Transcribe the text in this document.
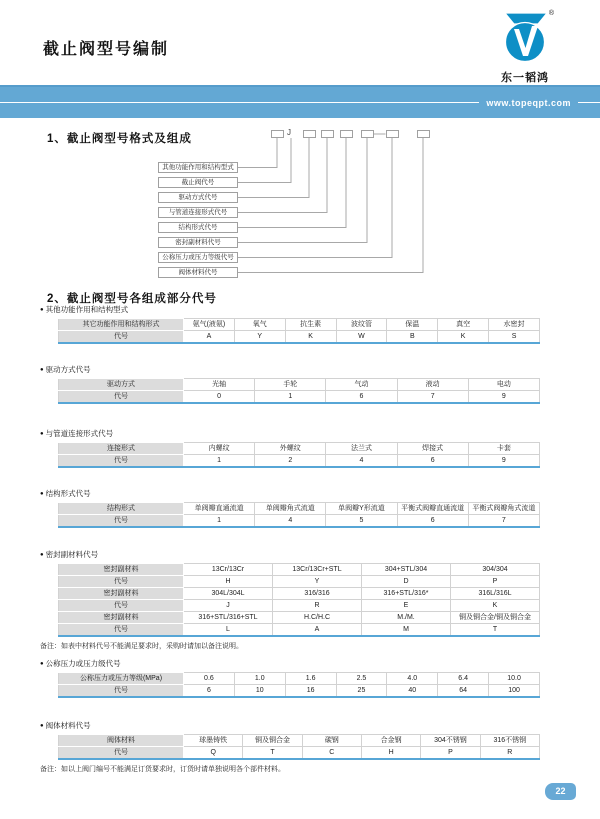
截止阀型号编制
®
东一韬鸿
www.topeqpt.com
1、截止阀型号格式及组成
J
其他功能作用和结构型式
截止阀代号
驱动方式代号
与管道连接形式代号
结构形式代号
密封副材料代号
公称压力或压力等级代号
阀体材料代号
2、截止阀型号各组成部分代号
● 其他功能作用和结构型式
其它功能作用和结构形式	氨气(液氨)	氧气	抗生素	波纹管	保温	真空	水密封
代号	A	Y	K	W	B	K	S
● 驱动方式代号
驱动方式	光轴	手轮	气动	液动	电动
代号	0	1	6	7	9
● 与管道连接形式代号
连接形式	内螺纹	外螺纹	法兰式	焊接式	卡套
代号	1	2	4	6	9
● 结构形式代号
结构形式	单阀瓣直通流道	单阀瓣角式流道	单阀瓣Y形流道	平衡式阀瓣直通流道	平衡式阀瓣角式流道
代号	1	4	5	6	7
● 密封副材料代号
密封副材料	13Cr/13Cr	13Cr/13Cr+STL	304+STL/304	304/304
代号	H	Y	D	P
密封副材料	304L/304L	316/316	316+STL/316*	316L/316L
代号	J	R	E	K
密封副材料	316+STL/316+STL	H.C/H.C	M./M.	铜及铜合金/铜及铜合金
代号	L	A	M	T
备注：如表中材料代号不能满足要求时，采购时请加以备注说明。
● 公称压力或压力级代号
公称压力或压力等级(MPa)	0.6	1.0	1.6	2.5	4.0	6.4	10.0
代号	6	10	16	25	40	64	100
● 阀体材料代号
阀体材料	球墨铸铁	铜及铜合金	碳钢	合金钢	304不锈钢	316不锈钢
代号	Q	T	C	H	P	R
备注：如以上阀门编号不能满足订货要求时，订货时请单独说明各个部件材料。
22
